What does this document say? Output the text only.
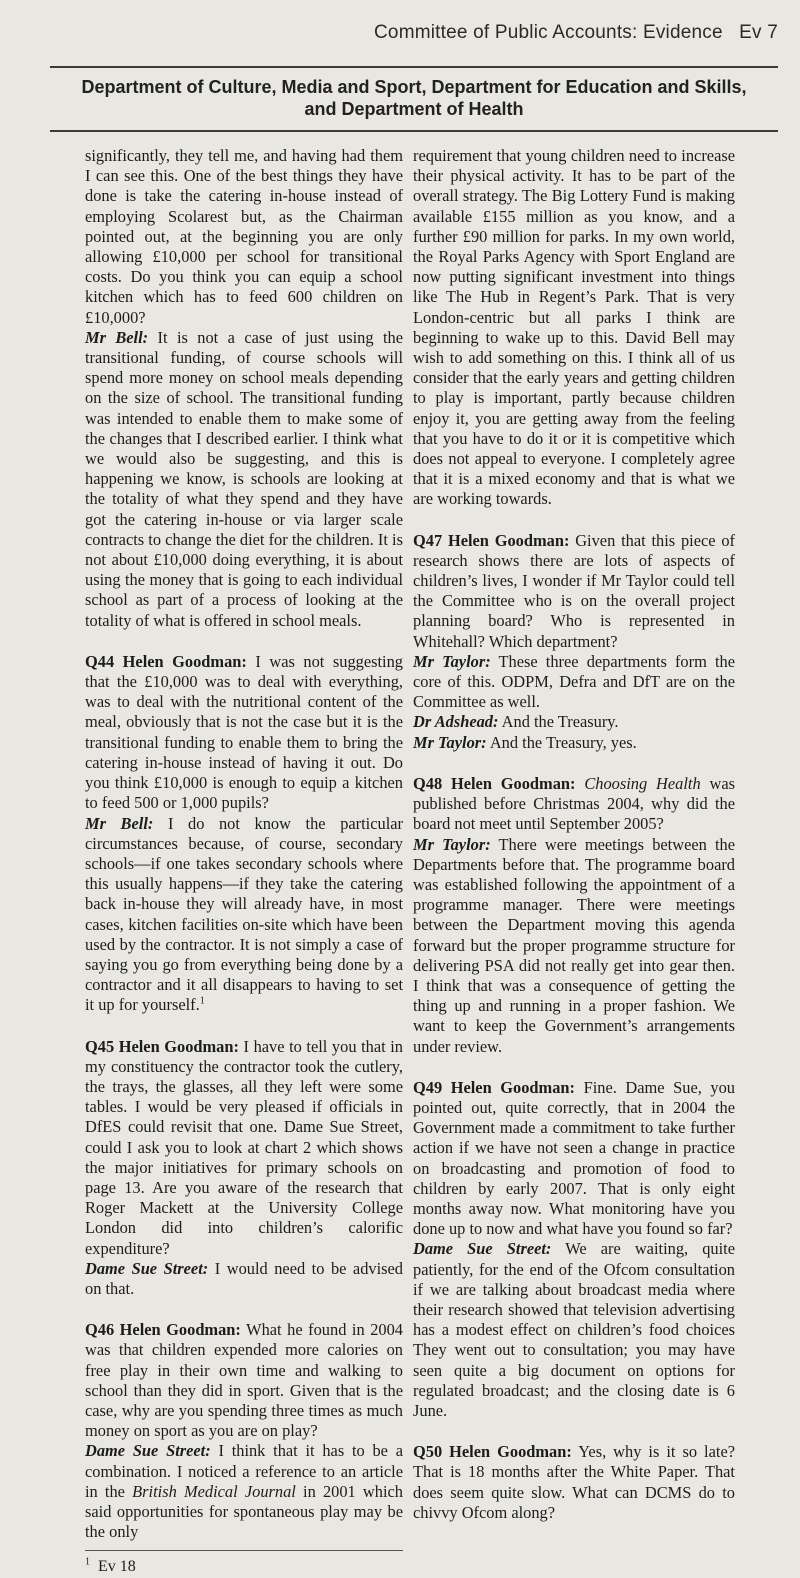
Committee of Public Accounts: Evidence Ev 7
Department of Culture, Media and Sport, Department for Education and Skills,
and Department of Health

significantly, they tell me, and having had them I can see this. One of the best things they have done is take the catering in-house instead of employing Scolarest but, as the Chairman pointed out, at the beginning you are only allowing £10,000 per school for transitional costs. Do you think you can equip a school kitchen which has to feed 600 children on £10,000?

Mr Bell: It is not a case of just using the transitional funding, of course schools will spend more money on school meals depending on the size of school. The transitional funding was intended to enable them to make some of the changes that I described earlier. I think what we would also be suggesting, and this is happening we know, is schools are looking at the totality of what they spend and they have got the catering in-house or via larger scale contracts to change the diet for the children. It is not about £10,000 doing everything, it is about using the money that is going to each individual school as part of a process of looking at the totality of what is offered in school meals.

Q44 Helen Goodman: I was not suggesting that the £10,000 was to deal with everything, was to deal with the nutritional content of the meal, obviously that is not the case but it is the transitional funding to enable them to bring the catering in-house instead of having it out. Do you think £10,000 is enough to equip a kitchen to feed 500 or 1,000 pupils?

Mr Bell: I do not know the particular circumstances because, of course, secondary schools—if one takes secondary schools where this usually happens—if they take the catering back in-house they will already have, in most cases, kitchen facilities on-site which have been used by the contractor. It is not simply a case of saying you go from everything being done by a contractor and it all disappears to having to set it up for yourself.$^1$

Q45 Helen Goodman: I have to tell you that in my constituency the contractor took the cutlery, the trays, the glasses, all they left were some tables. I would be very pleased if officials in DfES could revisit that one. Dame Sue Street, could I ask you to look at chart 2 which shows the major initiatives for primary schools on page 13. Are you aware of the research that Roger Mackett at the University College London did into children’s calorific expenditure?

Dame Sue Street: I would need to be advised on that.

Q46 Helen Goodman: What he found in 2004 was that children expended more calories on free play in their own time and walking to school than they did in sport. Given that is the case, why are you spending three times as much money on sport as you are on play?

Dame Sue Street: I think that it has to be a combination. I noticed a reference to an article in the British Medical Journal in 2001 which said opportunities for spontaneous play may be the only

$^1$ Ev 18

requirement that young children need to increase their physical activity. It has to be part of the overall strategy. The Big Lottery Fund is making available £155 million as you know, and a further £90 million for parks. In my own world, the Royal Parks Agency with Sport England are now putting significant investment into things like The Hub in Regent’s Park. That is very London-centric but all parks I think are beginning to wake up to this. David Bell may wish to add something on this. I think all of us consider that the early years and getting children to play is important, partly because children enjoy it, you are getting away from the feeling that you have to do it or it is competitive which does not appeal to everyone. I completely agree that it is a mixed economy and that is what we are working towards.

Q47 Helen Goodman: Given that this piece of research shows there are lots of aspects of children’s lives, I wonder if Mr Taylor could tell the Committee who is on the overall project planning board? Who is represented in Whitehall? Which department?

Mr Taylor: These three departments form the core of this. ODPM, Defra and DfT are on the Committee as well.

Dr Adshead: And the Treasury.

Mr Taylor: And the Treasury, yes.

Q48 Helen Goodman: Choosing Health was published before Christmas 2004, why did the board not meet until September 2005?

Mr Taylor: There were meetings between the Departments before that. The programme board was established following the appointment of a programme manager. There were meetings between the Department moving this agenda forward but the proper programme structure for delivering PSA did not really get into gear then. I think that was a consequence of getting the thing up and running in a proper fashion. We want to keep the Government’s arrangements under review.

Q49 Helen Goodman: Fine. Dame Sue, you pointed out, quite correctly, that in 2004 the Government made a commitment to take further action if we have not seen a change in practice on broadcasting and promotion of food to children by early 2007. That is only eight months away now. What monitoring have you done up to now and what have you found so far?

Dame Sue Street: We are waiting, quite patiently, for the end of the Ofcom consultation if we are talking about broadcast media where their research showed that television advertising has a modest effect on children’s food choices They went out to consultation; you may have seen quite a big document on options for regulated broadcast; and the closing date is 6 June.

Q50 Helen Goodman: Yes, why is it so late? That is 18 months after the White Paper. That does seem quite slow. What can DCMS do to chivvy Ofcom along?
